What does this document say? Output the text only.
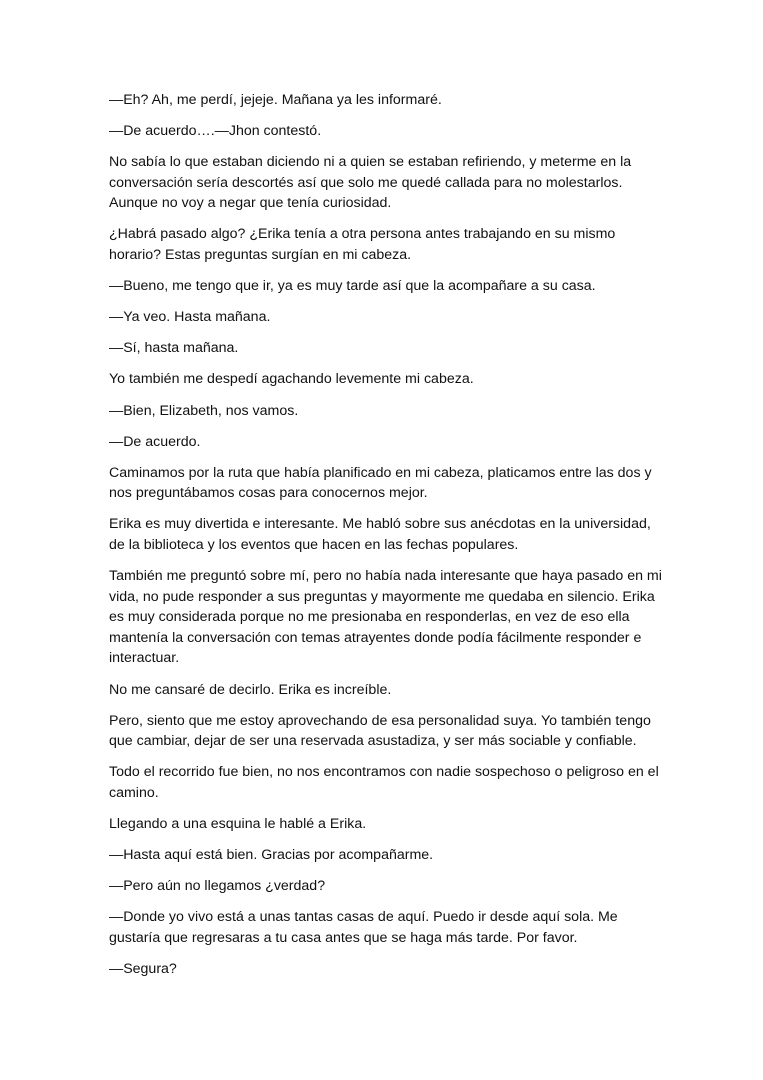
—Eh? Ah, me perdí, jejeje. Mañana ya les informaré.

—De acuerdo….—Jhon contestó.

No sabía lo que estaban diciendo ni a quien se estaban refiriendo, y meterme en la conversación sería descortés así que solo me quedé callada para no molestarlos. Aunque no voy a negar que tenía curiosidad.

¿Habrá pasado algo? ¿Erika tenía a otra persona antes trabajando en su mismo horario? Estas preguntas surgían en mi cabeza.

—Bueno, me tengo que ir, ya es muy tarde así que la acompañare a su casa.

—Ya veo. Hasta mañana.

—Sí, hasta mañana.

Yo también me despedí agachando levemente mi cabeza.

—Bien, Elizabeth, nos vamos.

—De acuerdo.

Caminamos por la ruta que había planificado en mi cabeza, platicamos entre las dos y nos preguntábamos cosas para conocernos mejor.

Erika es muy divertida e interesante. Me habló sobre sus anécdotas en la universidad, de la biblioteca y los eventos que hacen en las fechas populares.

También me preguntó sobre mí, pero no había nada interesante que haya pasado en mi vida, no pude responder a sus preguntas y mayormente me quedaba en silencio. Erika es muy considerada porque no me presionaba en responderlas, en vez de eso ella mantenía la conversación con temas atrayentes donde podía fácilmente responder e interactuar.

No me cansaré de decirlo. Erika es increíble.

Pero, siento que me estoy aprovechando de esa personalidad suya. Yo también tengo que cambiar, dejar de ser una reservada asustadiza, y ser más sociable y confiable.

Todo el recorrido fue bien, no nos encontramos con nadie sospechoso o peligroso en el camino.

Llegando a una esquina le hablé a Erika.

—Hasta aquí está bien. Gracias por acompañarme.

—Pero aún no llegamos ¿verdad?

—Donde yo vivo está a unas tantas casas de aquí. Puedo ir desde aquí sola. Me gustaría que regresaras a tu casa antes que se haga más tarde. Por favor.

—Segura?
